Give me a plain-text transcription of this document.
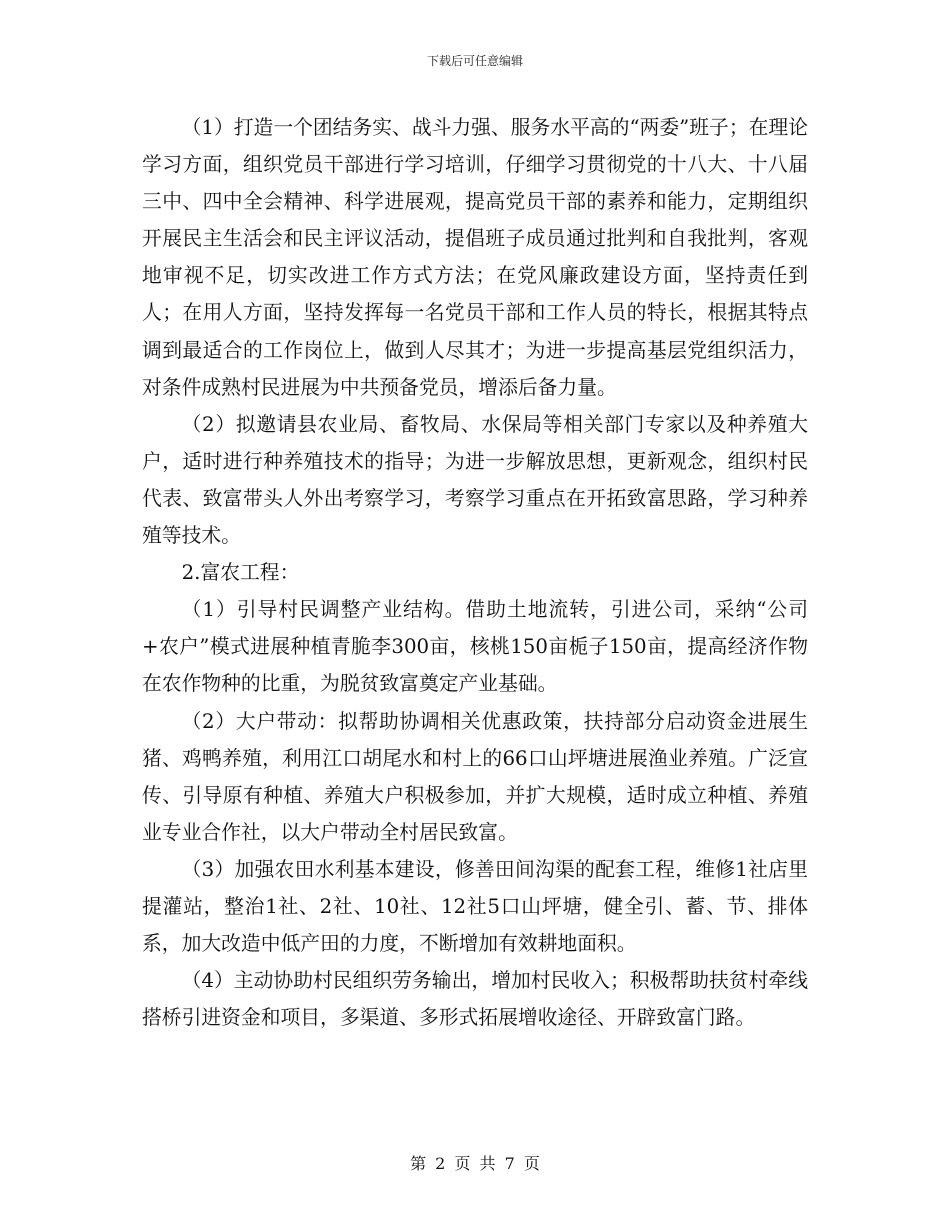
下载后可任意编辑

（1）打造一个团结务实、战斗力强、服务水平高的“两委”班子；在理论学习方面，组织党员干部进行学习培训，仔细学习贯彻党的十八大、十八届三中、四中全会精神、科学进展观，提高党员干部的素养和能力，定期组织开展民主生活会和民主评议活动，提倡班子成员通过批判和自我批判，客观地审视不足，切实改进工作方式方法；在党风廉政建设方面，坚持责任到人；在用人方面，坚持发挥每一名党员干部和工作人员的特长，根据其特点调到最适合的工作岗位上，做到人尽其才；为进一步提高基层党组织活力，对条件成熟村民进展为中共预备党员，增添后备力量。

（2）拟邀请县农业局、畜牧局、水保局等相关部门专家以及种养殖大户，适时进行种养殖技术的指导；为进一步解放思想，更新观念，组织村民代表、致富带头人外出考察学习，考察学习重点在开拓致富思路，学习种养殖等技术。

2.富农工程：

（1）引导村民调整产业结构。借助土地流转，引进公司，采纳“公司+农户”模式进展种植青脆李300亩，核桃150亩栀子150亩，提高经济作物在农作物种的比重，为脱贫致富奠定产业基础。

（2）大户带动：拟帮助协调相关优惠政策，扶持部分启动资金进展生猪、鸡鸭养殖，利用江口胡尾水和村上的66口山坪塘进展渔业养殖。广泛宣传、引导原有种植、养殖大户积极参加，并扩大规模，适时成立种植、养殖业专业合作社，以大户带动全村居民致富。

（3）加强农田水利基本建设，修善田间沟渠的配套工程，维修1社店里提灌站，整治1社、2社、10社、12社5口山坪塘，健全引、蓄、节、排体系，加大改造中低产田的力度，不断增加有效耕地面积。

（4）主动协助村民组织劳务输出，增加村民收入；积极帮助扶贫村牵线搭桥引进资金和项目，多渠道、多形式拓展增收途径、开辟致富门路。

第 2 页 共 7 页
